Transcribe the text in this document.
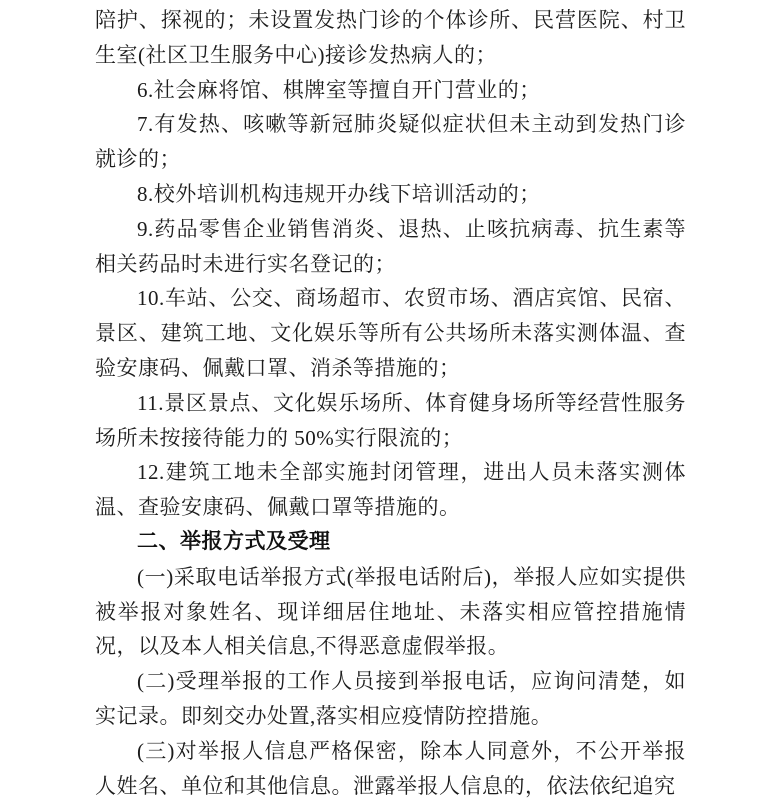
陪护、探视的；未设置发热门诊的个体诊所、民营医院、村卫生室(社区卫生服务中心)接诊发热病人的；

6.社会麻将馆、棋牌室等擅自开门营业的；

7.有发热、咳嗽等新冠肺炎疑似症状但未主动到发热门诊就诊的；

8.校外培训机构违规开办线下培训活动的；

9.药品零售企业销售消炎、退热、止咳抗病毒、抗生素等相关药品时未进行实名登记的；

10.车站、公交、商场超市、农贸市场、酒店宾馆、民宿、景区、建筑工地、文化娱乐等所有公共场所未落实测体温、查验安康码、佩戴口罩、消杀等措施的；

11.景区景点、文化娱乐场所、体育健身场所等经营性服务场所未按接待能力的 50%实行限流的；

12.建筑工地未全部实施封闭管理，进出人员未落实测体温、查验安康码、佩戴口罩等措施的。

二、举报方式及受理

(一)采取电话举报方式(举报电话附后)，举报人应如实提供被举报对象姓名、现详细居住地址、未落实相应管控措施情况，以及本人相关信息,不得恶意虚假举报。

(二)受理举报的工作人员接到举报电话，应询问清楚，如实记录。即刻交办处置,落实相应疫情防控措施。

(三)对举报人信息严格保密，除本人同意外，不公开举报人姓名、单位和其他信息。泄露举报人信息的，依法依纪追究
